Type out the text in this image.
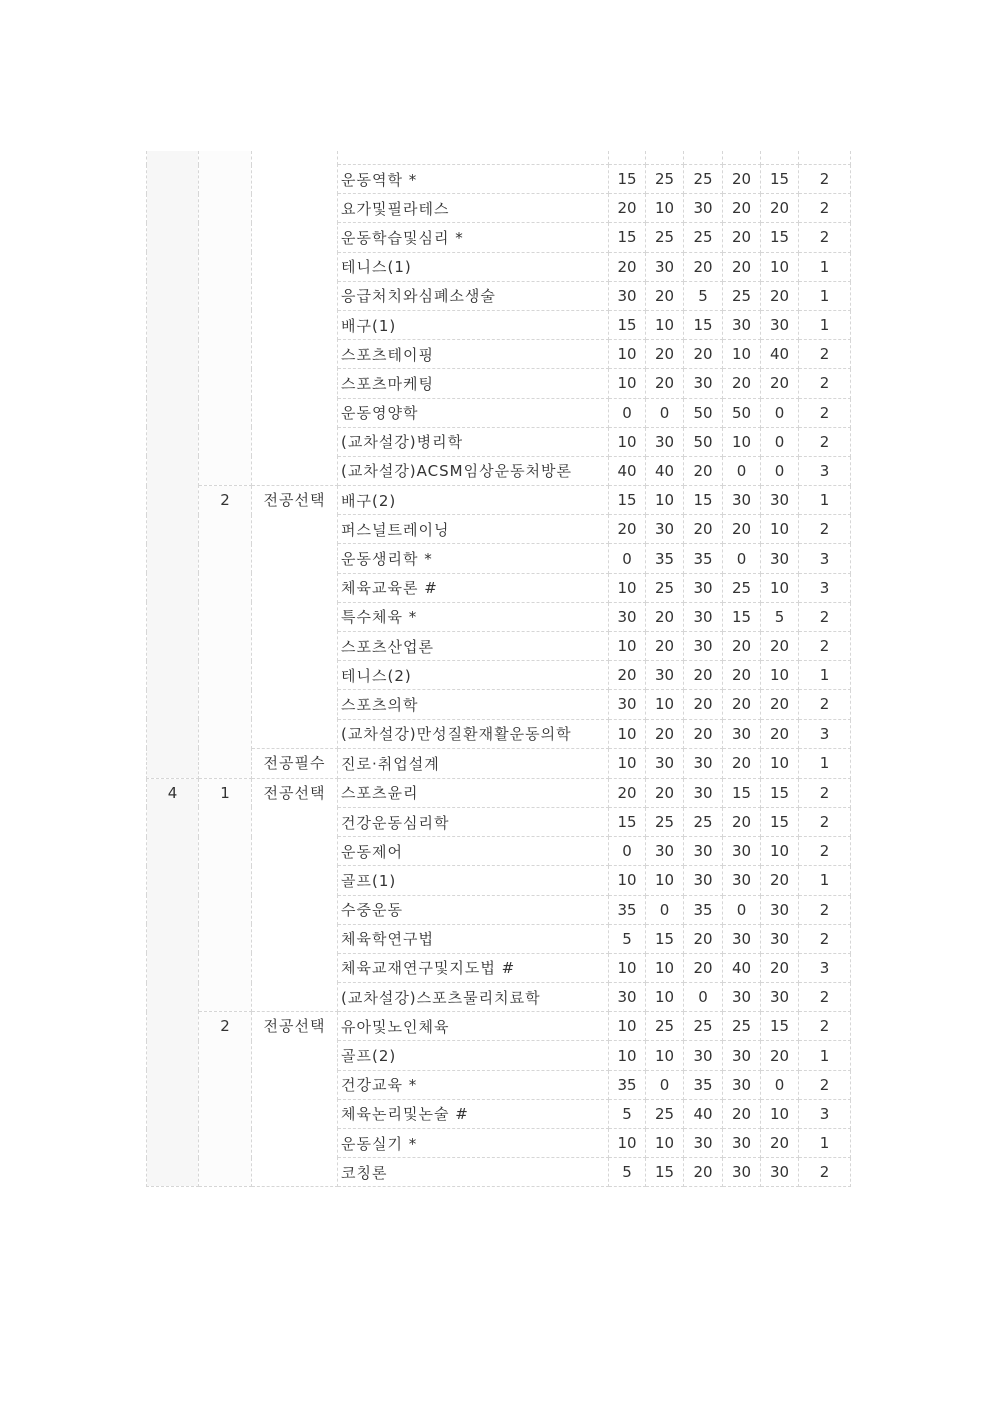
			운동역학 *	15	25	25	20	15	2
			요가및필라테스	20	10	30	20	20	2
			운동학습및심리 *	15	25	25	20	15	2
			테니스(1)	20	30	20	20	10	1
			응급처치와심폐소생술	30	20	5	25	20	1
			배구(1)	15	10	15	30	30	1
			스포츠테이핑	10	20	20	10	40	2
			스포츠마케팅	10	20	30	20	20	2
			운동영양학	0	0	50	50	0	2
			(교차설강)병리학	10	30	50	10	0	2
			(교차설강)ACSM임상운동처방론	40	40	20	0	0	3
	2	전공선택	배구(2)	15	10	15	30	30	1
			퍼스널트레이닝	20	30	20	20	10	2
			운동생리학 *	0	35	35	0	30	3
			체육교육론 #	10	25	30	25	10	3
			특수체육 *	30	20	30	15	5	2
			스포츠산업론	10	20	30	20	20	2
			테니스(2)	20	30	20	20	10	1
			스포츠의학	30	10	20	20	20	2
			(교차설강)만성질환재활운동의학	10	20	20	30	20	3
		전공필수	진로·취업설계	10	30	30	20	10	1
4	1	전공선택	스포츠윤리	20	20	30	15	15	2
			건강운동심리학	15	25	25	20	15	2
			운동제어	0	30	30	30	10	2
			골프(1)	10	10	30	30	20	1
			수중운동	35	0	35	0	30	2
			체육학연구법	5	15	20	30	30	2
			체육교재연구및지도법 #	10	10	20	40	20	3
			(교차설강)스포츠물리치료학	30	10	0	30	30	2
	2	전공선택	유아및노인체육	10	25	25	25	15	2
			골프(2)	10	10	30	30	20	1
			건강교육 *	35	0	35	30	0	2
			체육논리및논술 #	5	25	40	20	10	3
			운동실기 *	10	10	30	30	20	1
			코칭론	5	15	20	30	30	2
